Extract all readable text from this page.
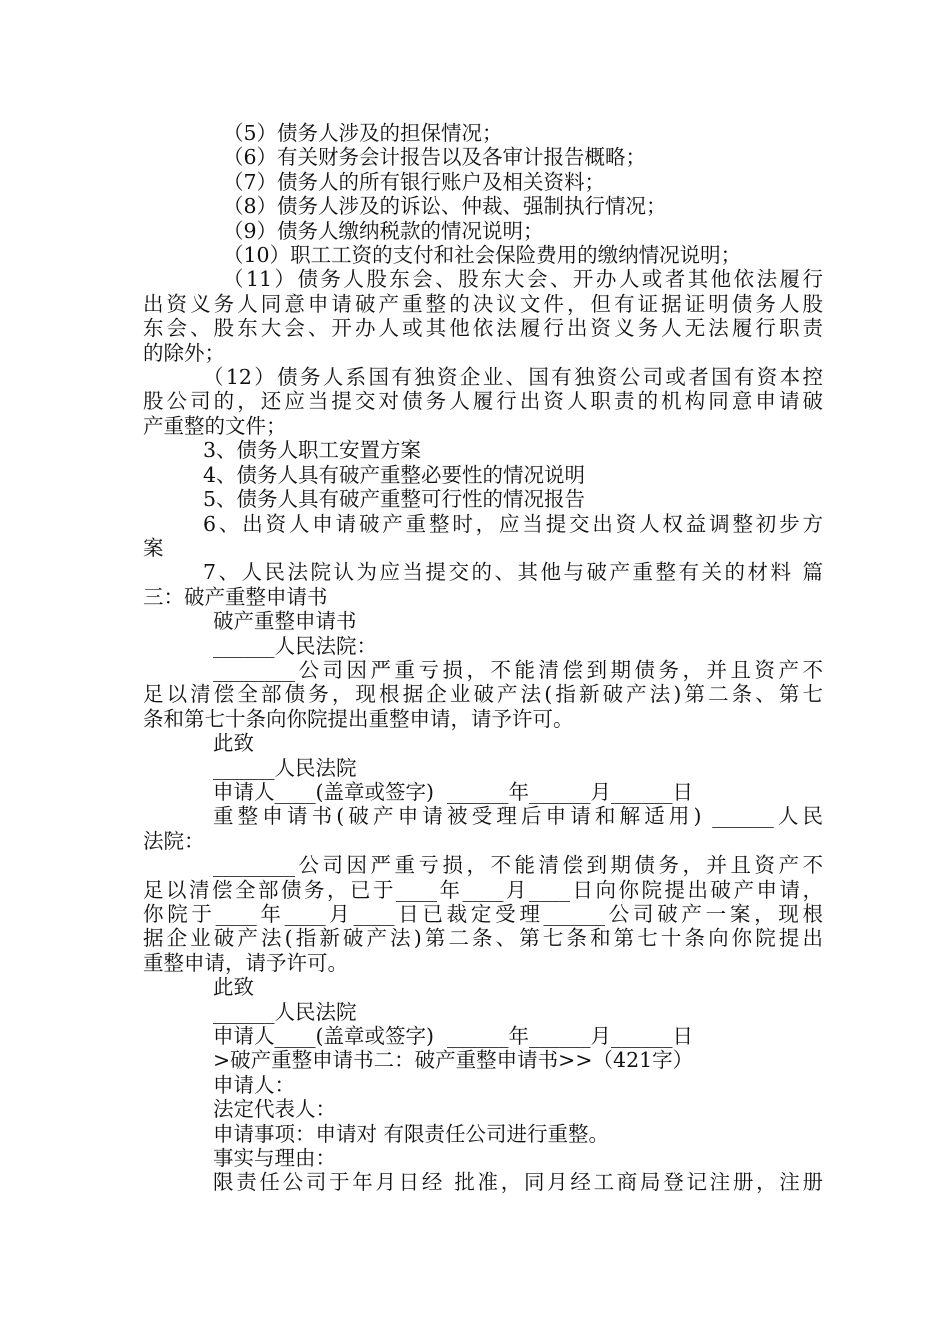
（5）债务人涉及的担保情况；
（6）有关财务会计报告以及各审计报告概略；
（7）债务人的所有银行账户及相关资料；
（8）债务人涉及的诉讼、仲裁、强制执行情况；
（9）债务人缴纳税款的情况说明；
（10）职工工资的支付和社会保险费用的缴纳情况说明；
（11）债务人股东会、股东大会、开办人或者其他依法履行
出资义务人同意申请破产重整的决议文件，但有证据证明债务人股
东会、股东大会、开办人或其他依法履行出资义务人无法履行职责
的除外；
（12）债务人系国有独资企业、国有独资公司或者国有资本控
股公司的，还应当提交对债务人履行出资人职责的机构同意申请破
产重整的文件；
3、债务人职工安置方案
4、债务人具有破产重整必要性的情况说明
5、债务人具有破产重整可行性的情况报告
6、出资人申请破产重整时，应当提交出资人权益调整初步方
案
7、人民法院认为应当提交的、其他与破产重整有关的材料 篇
三：破产重整申请书
破产重整申请书
______人民法院：
________公司因严重亏损，不能清偿到期债务，并且资产不
足以清偿全部债务，现根据企业破产法(指新破产法)第二条、第七
条和第七十条向你院提出重整申请，请予许可。
此致
______人民法院
申请人____(盖章或签字)  ______年______月______日
重整申请书(破产申请被受理后申请和解适用) ______人民
法院：
________公司因严重亏损，不能清偿到期债务，并且资产不
足以清偿全部债务，已于____年____月____日向你院提出破产申请，
你院于____年____月____日已裁定受理______公司破产一案，现根
据企业破产法(指新破产法)第二条、第七条和第七十条向你院提出
重整申请，请予许可。
此致
______人民法院
申请人____(盖章或签字)  ______年______月______日
>破产重整申请书二：破产重整申请书>>（421字）
申请人：
法定代表人：
申请事项：申请对 有限责任公司进行重整。
事实与理由：
限责任公司于年月日经 批准，同月经工商局登记注册，注册
